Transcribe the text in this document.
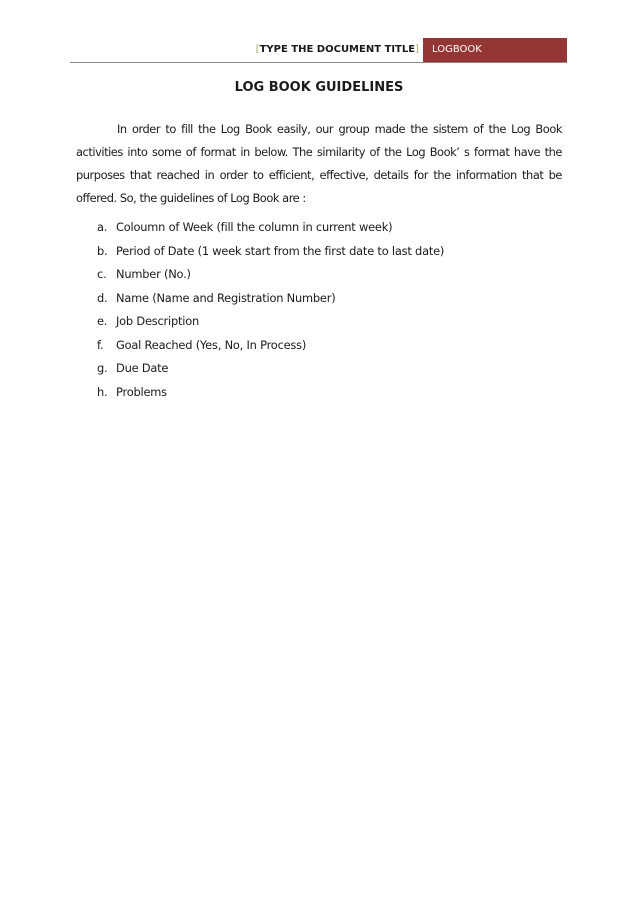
[TYPE THE DOCUMENT TITLE]	LOGBOOK
LOG BOOK GUIDELINES

In order to fill the Log Book easily, our group made the sistem of the Log Book activities into some of format in below. The similarity of the Log Book’ s format have the purposes that reached in order to efficient, effective, details for the information that be offered. So, the guidelines of Log Book are :

a. Coloumn of Week (fill the column in current week)
b. Period of Date (1 week start from the first date to last date)
c. Number (No.)
d. Name (Name and Registration Number)
e. Job Description
f.	Goal Reached (Yes, No, In Process)
g. Due Date
h. Problems
